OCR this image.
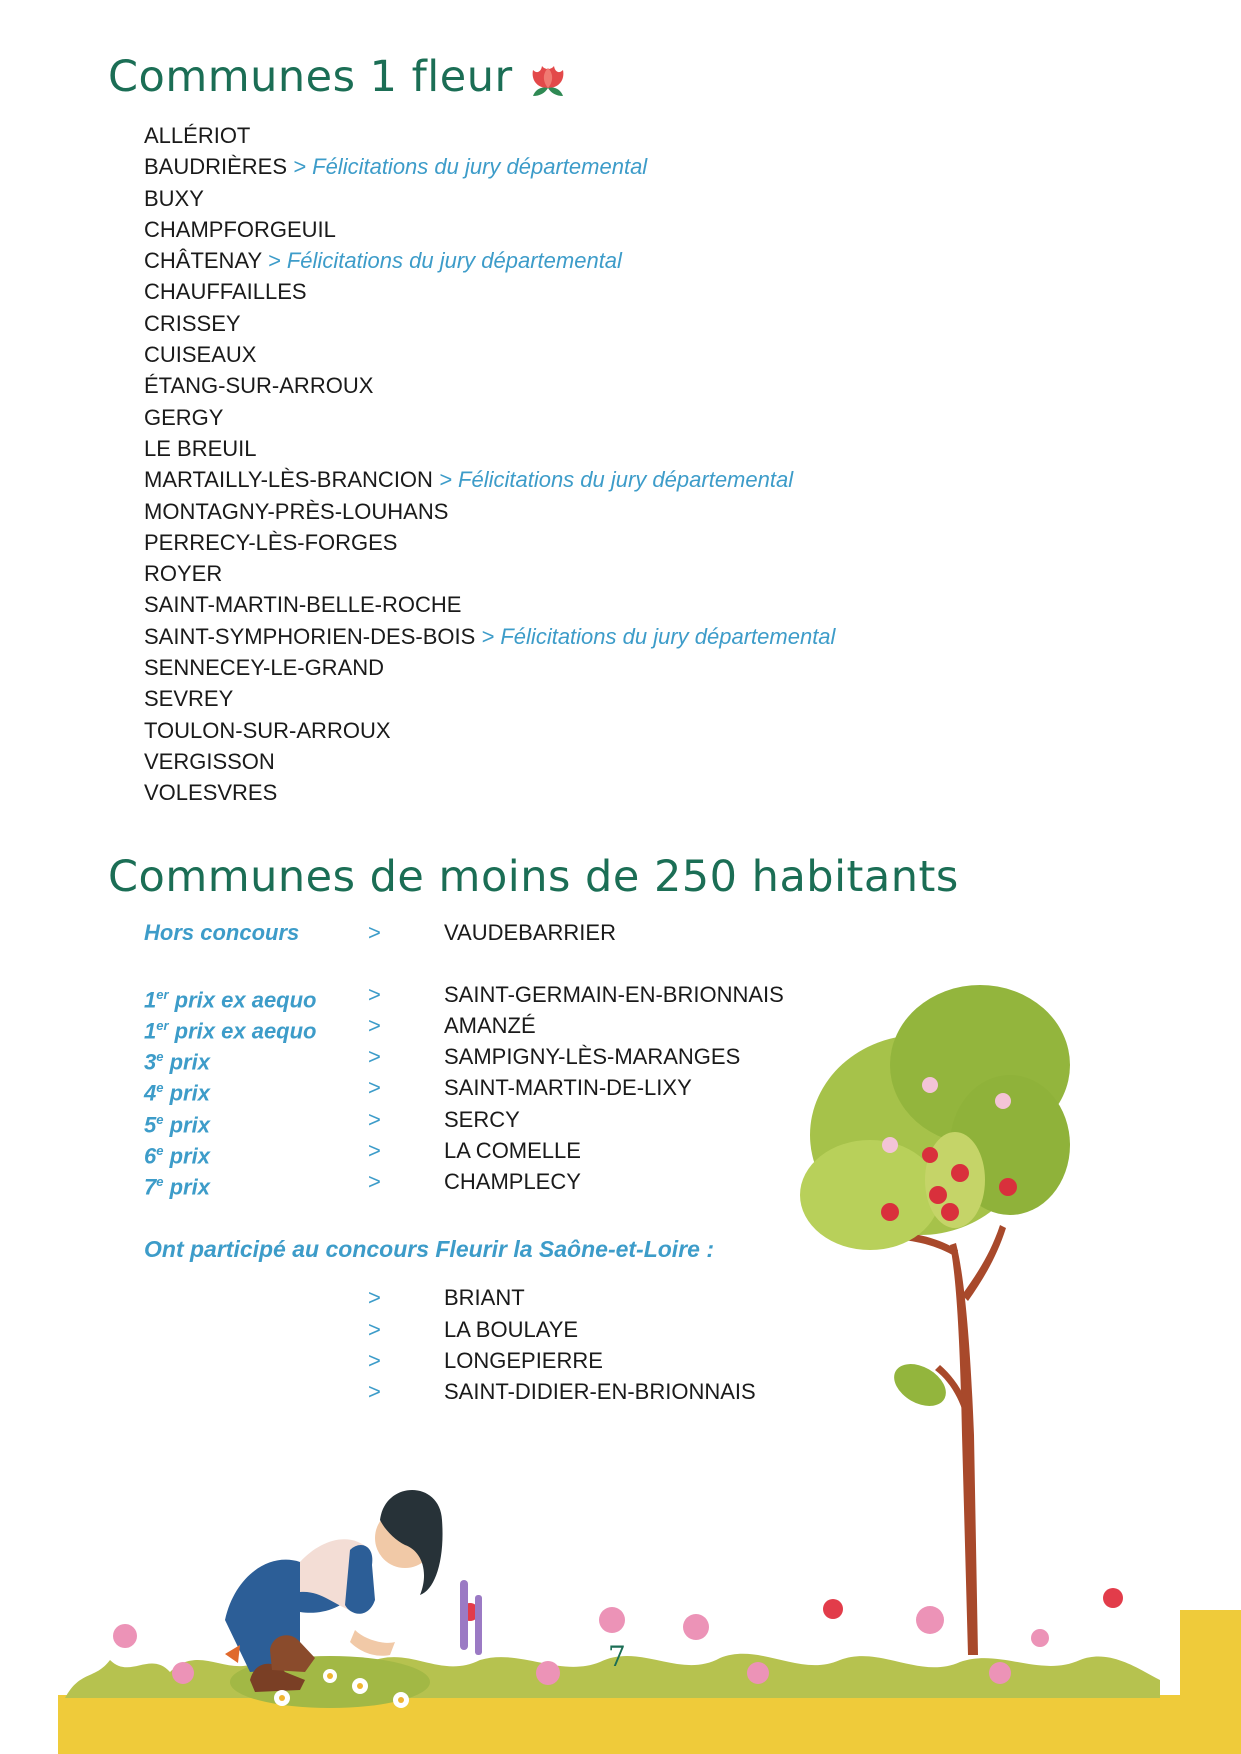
Communes 1 fleur
ALLÉRIOT
BAUDRIÈRES > Félicitations du jury départemental
BUXY
CHAMPFORGEUIL
CHÂTENAY > Félicitations du jury départemental
CHAUFFAILLES
CRISSEY
CUISEAUX
ÉTANG-SUR-ARROUX
GERGY
LE BREUIL
MARTAILLY-LÈS-BRANCION > Félicitations du jury départemental
MONTAGNY-PRÈS-LOUHANS
PERRECY-LÈS-FORGES
ROYER
SAINT-MARTIN-BELLE-ROCHE
SAINT-SYMPHORIEN-DES-BOIS > Félicitations du jury départemental
SENNECEY-LE-GRAND
SEVREY
TOULON-SUR-ARROUX
VERGISSON
VOLESVRES
Communes de moins de 250 habitants
Hors concours	>	VAUDEBARRIER
1er prix ex aequo >	SAINT-GERMAIN-EN-BRIONNAIS
1er prix ex aequo >	AMANZÉ
3e prix	>	SAMPIGNY-LÈS-MARANGES
4e prix	>	SAINT-MARTIN-DE-LIXY
5e prix	>	SERCY
6e prix	>	LA COMELLE
7e prix	>	CHAMPLECY
Ont participé au concours Fleurir la Saône-et-Loire :
>	BRIANT
>	LA BOULAYE
>	LONGEPIERRE
>	SAINT-DIDIER-EN-BRIONNAIS
7
